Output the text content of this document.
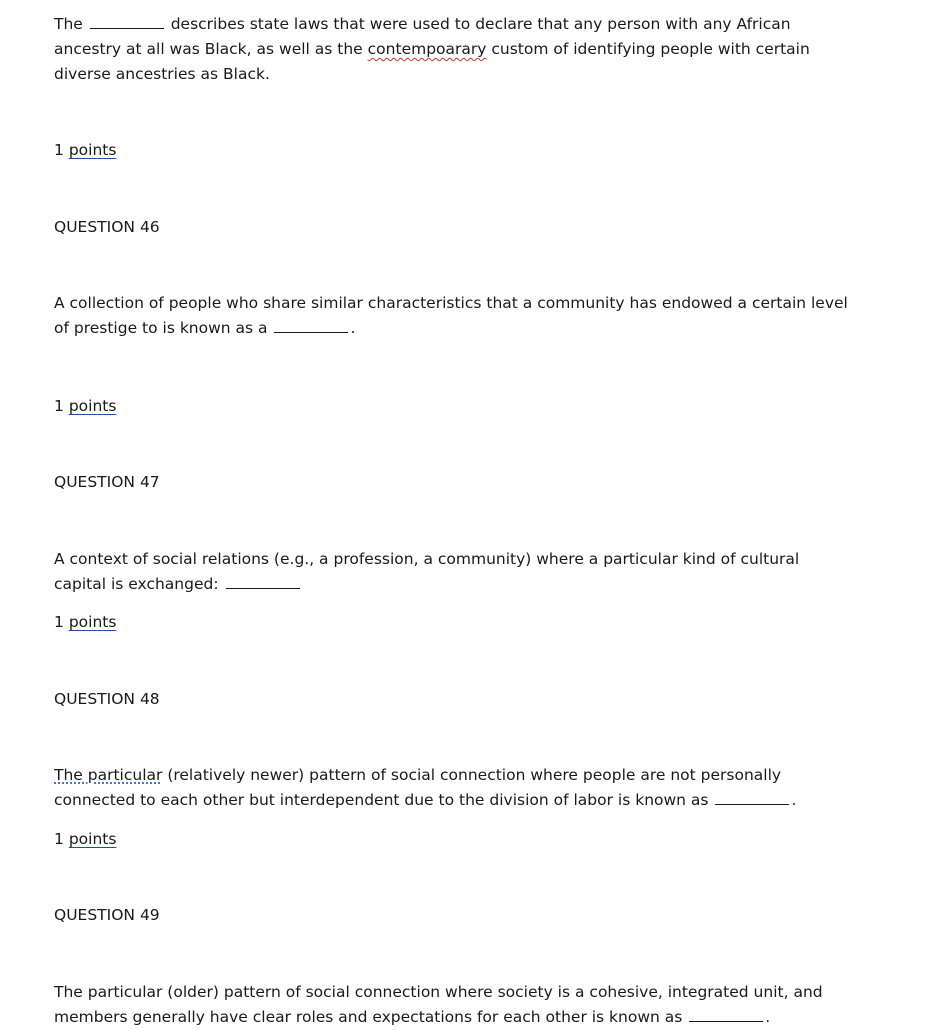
The	describes state laws that were used to declare that any person with any African ancestry at all was Black, as well as the contempoarary custom of identifying people with certain diverse ancestries as Black.

1 points
QUESTION 46

A collection of people who share similar characteristics that a community has endowed a certain level of prestige to is known as a	.

1 points
QUESTION 47

A context of social relations (e.g., a profession, a community) where a particular kind of cultural capital is exchanged:

1 points
QUESTION 48

The particular (relatively newer) pattern of social connection where people are not personally connected to each other but interdependent due to the division of labor is known as	.

1 points
QUESTION 49

The particular (older) pattern of social connection where society is a cohesive, integrated unit, and members generally have clear roles and expectations for each other is known as	.
